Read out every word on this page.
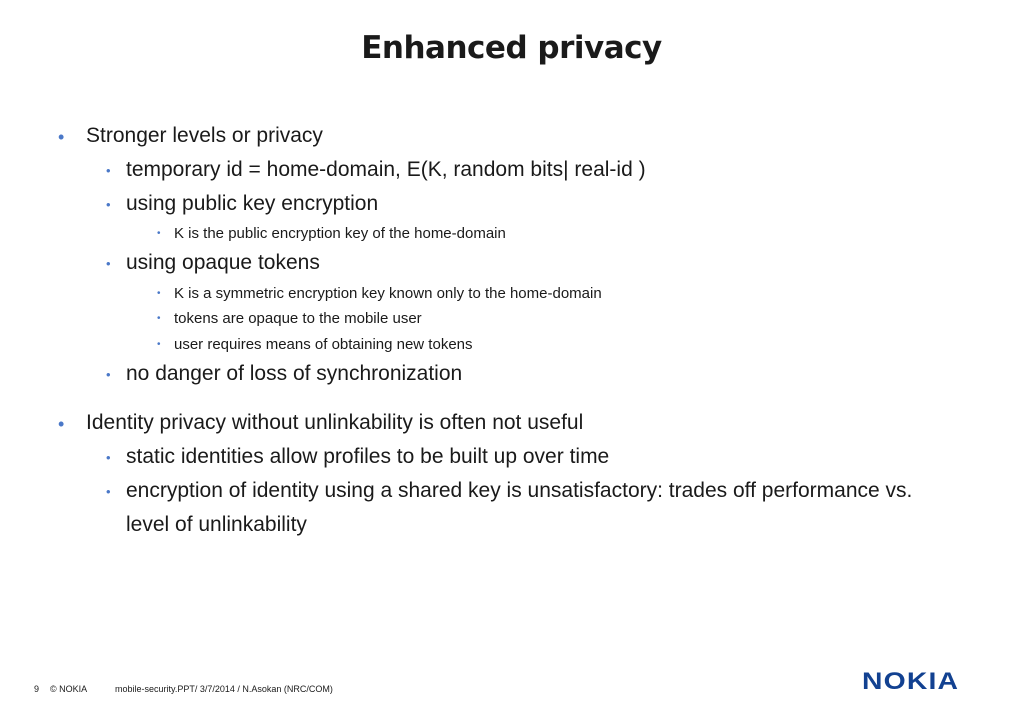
Enhanced privacy
• Stronger levels or privacy
• temporary id = home-domain, E(K, random bits| real-id )
• using public key encryption
• K is the public encryption key of the home-domain
• using opaque tokens
• K is a symmetric encryption key known only to the home-domain
• tokens are opaque to the mobile user
• user requires means of obtaining new tokens
• no danger of loss of synchronization
• Identity privacy without unlinkability is often not useful
• static identities allow profiles to be built up over time
• encryption of identity using a shared key is unsatisfactory: trades off performance vs.
level of unlinkability
9 © NOKIA	mobile-security.PPT/ 3/7/2014 / N.Asokan (NRC/COM)	NOKIA
